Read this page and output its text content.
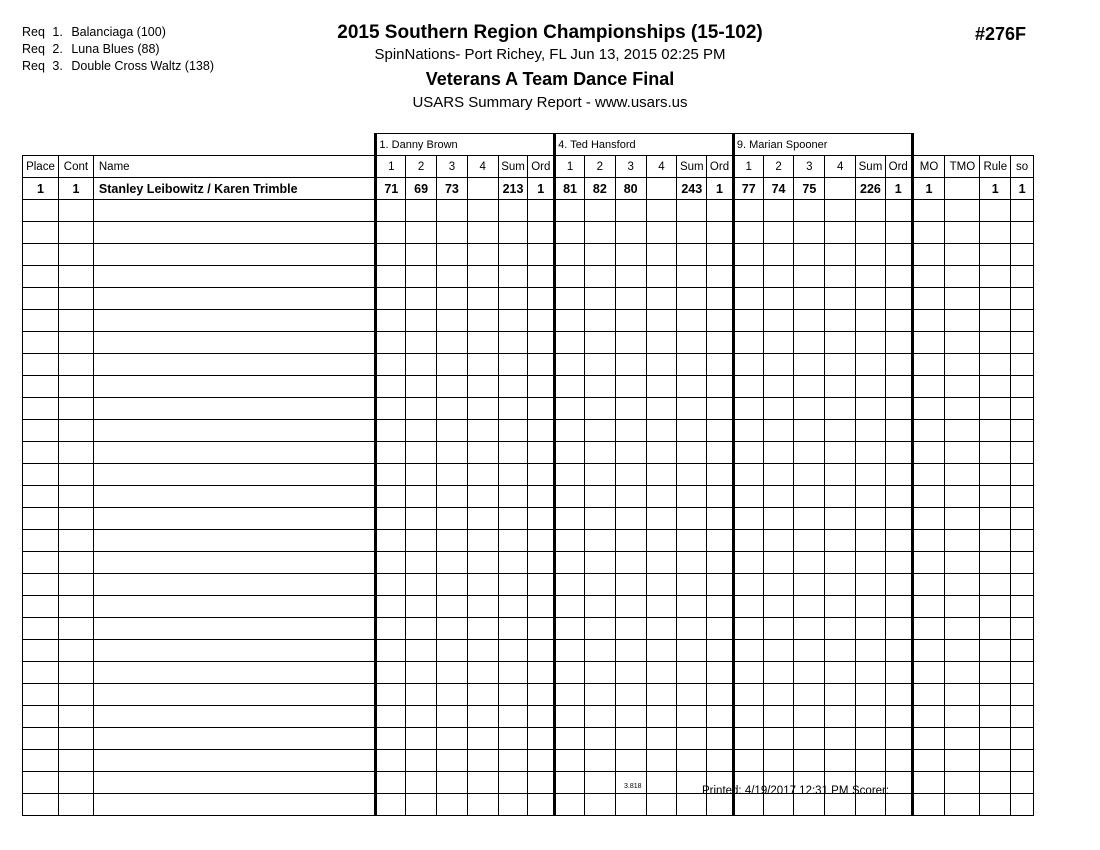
Req 1. Balanciaga (100)
Req 2. Luna Blues (88)
Req 3. Double Cross Waltz (138)
2015 Southern Region Championships (15-102)
SpinNations- Port Richey, FL Jun 13, 2015 02:25 PM
Veterans A Team Dance Final
USARS Summary Report - www.usars.us
#276F
			1. Danny Brown						4. Ted Hansford						9. Marian Spooner									
Place	Cont	Name	1	2	3	4	Sum	Ord	1	2	3	4	Sum	Ord	1	2	3	4	Sum	Ord	MO	TMO	Rule	so
1	1	Stanley Leibowitz / Karen Trimble	71	69	73		213	1	81	82	80		243	1	77	74	75		226	1	1		1	1

3.818	Printed: 4/19/2017 12:31 PM Scorer:
